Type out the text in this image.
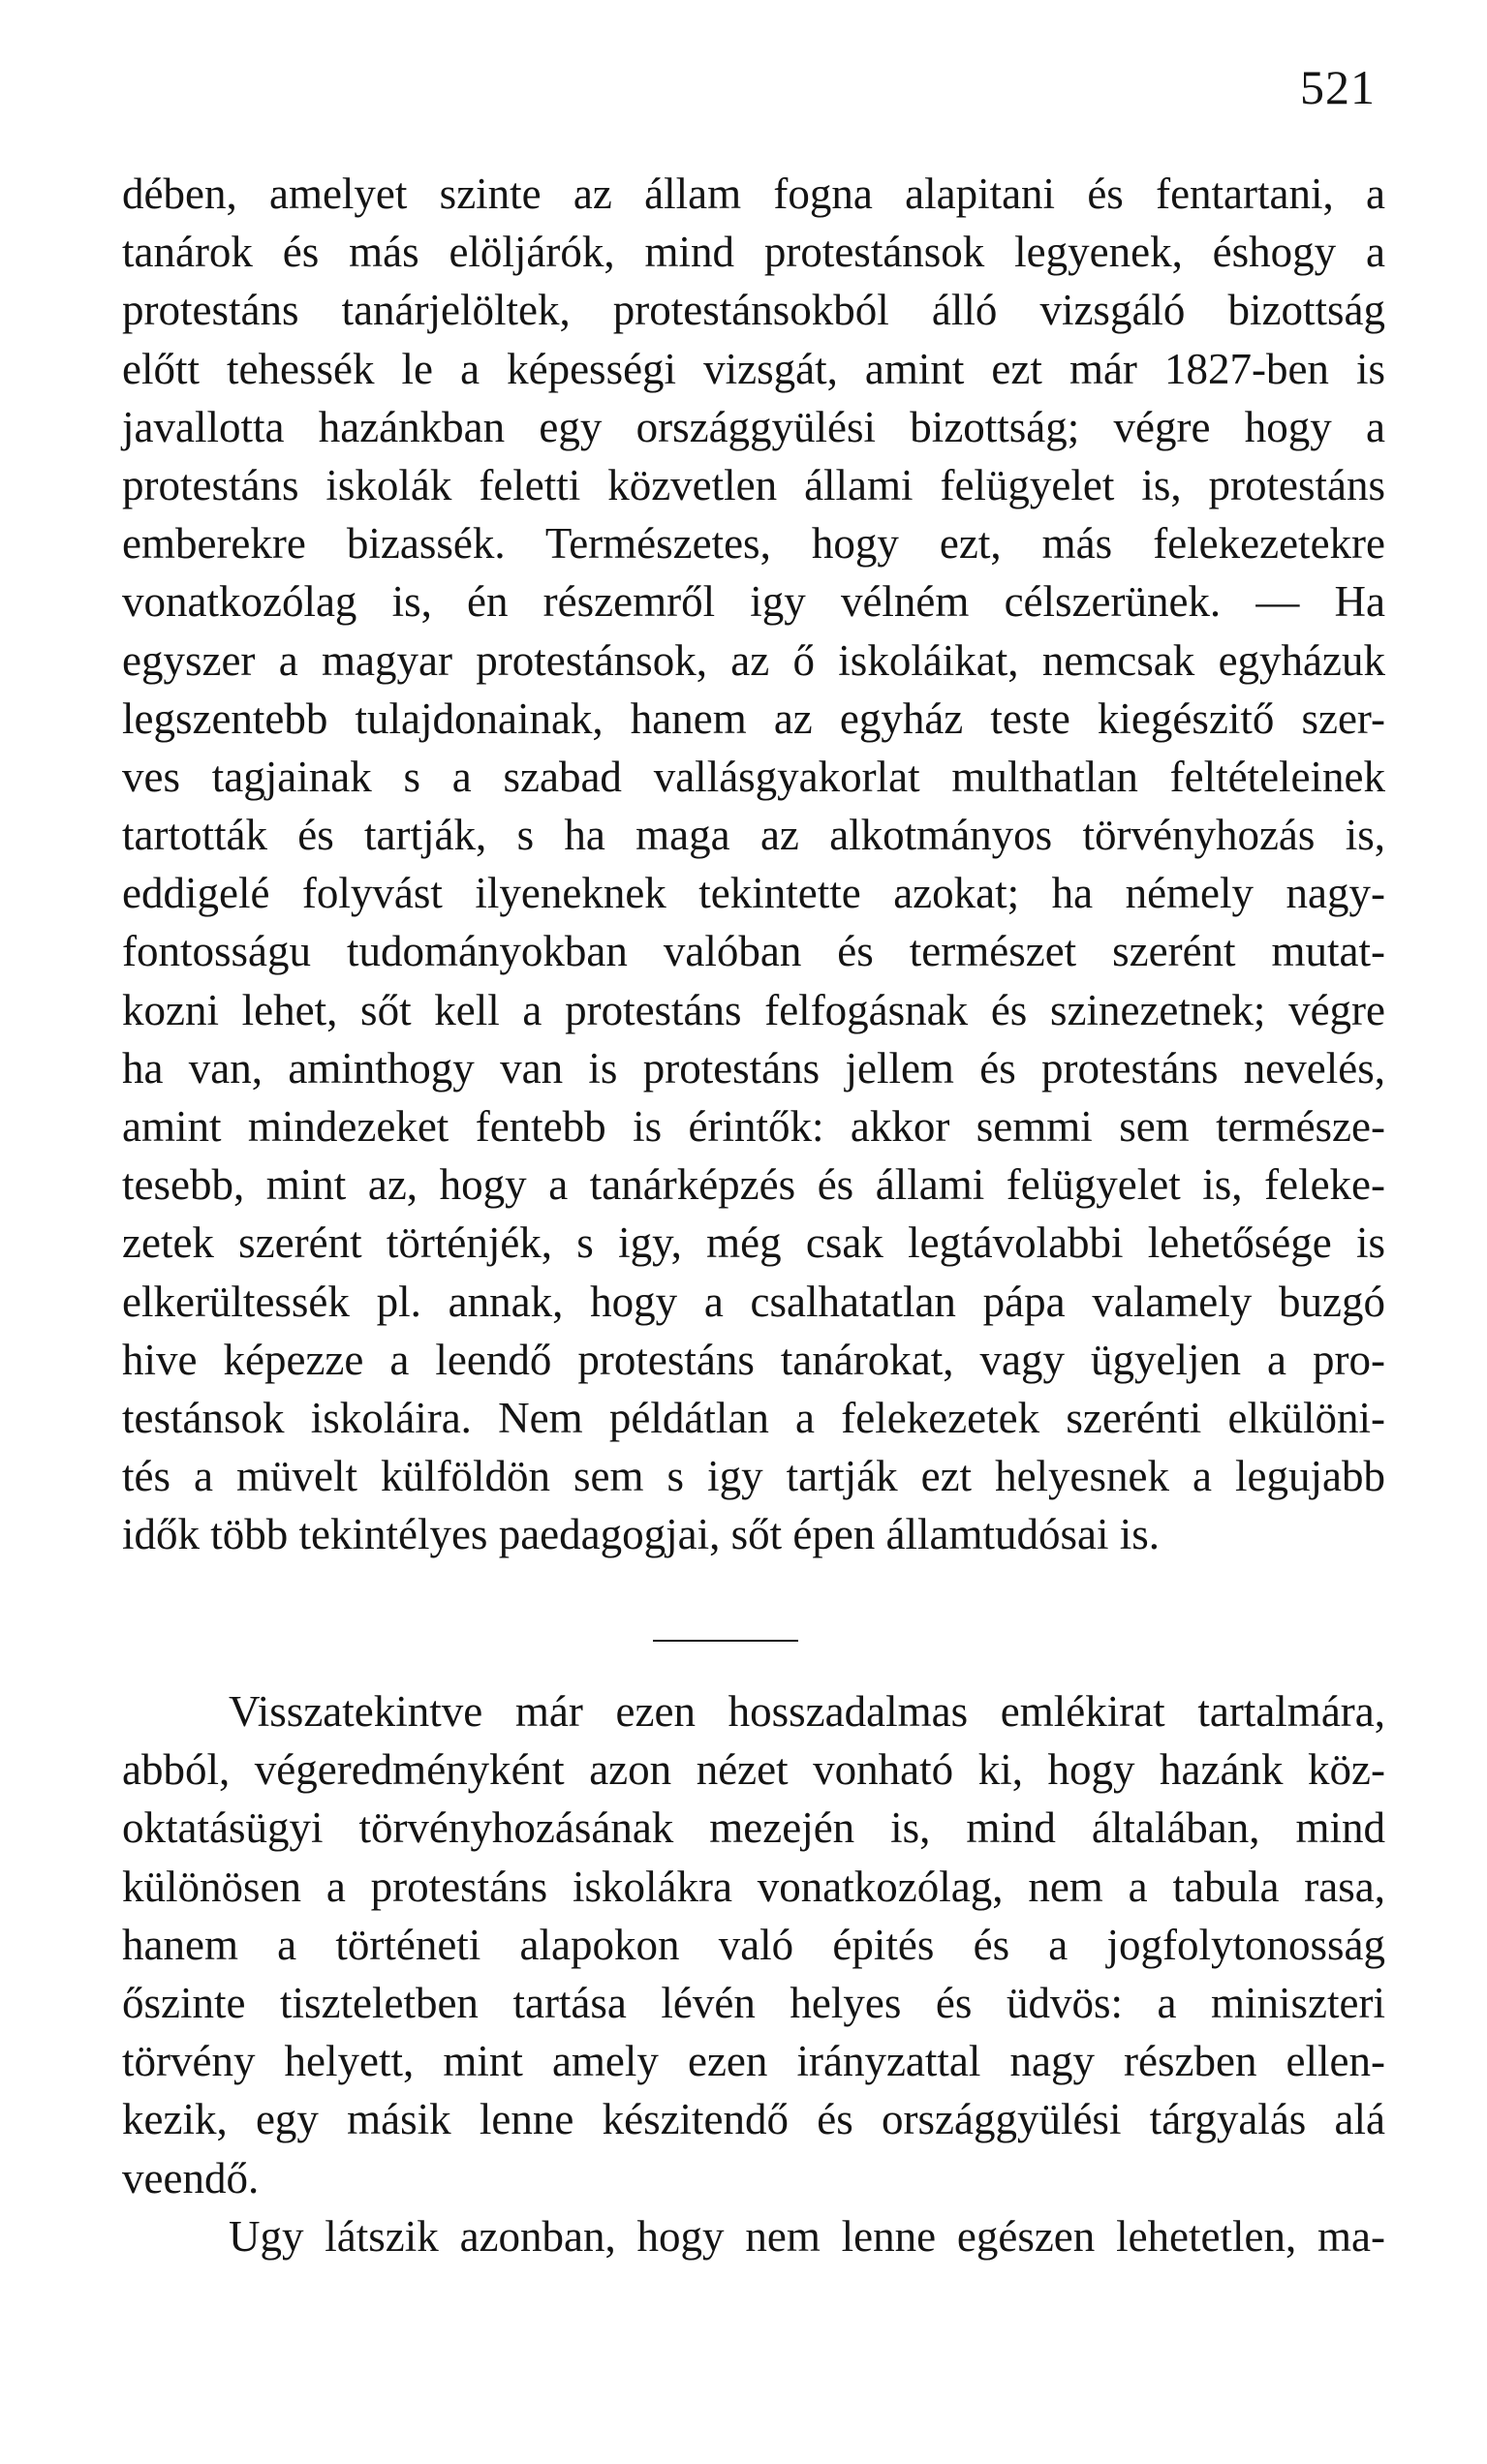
521
dében, amelyet szinte az állam fogna alapitani és fentartani, a
tanárok és más elöljárók, mind protestánsok legyenek, éshogy a
protestáns tanárjelöltek, protestánsokból álló vizsgáló bizottság
előtt tehessék le a képességi vizsgát, amint ezt már 1827-ben is
javallotta hazánkban egy országgyülési bizottság; végre hogy a
protestáns iskolák feletti közvetlen állami felügyelet is, protestáns
emberekre bizassék. Természetes, hogy ezt, más felekezetekre
vonatkozólag is, én részemről igy vélném célszerünek. — Ha
egyszer a magyar protestánsok, az ő iskoláikat, nemcsak egyházuk
legszentebb tulajdonainak, hanem az egyház teste kiegészitő szer-
ves tagjainak s a szabad vallásgyakorlat multhatlan feltételeinek
tartották és tartják, s ha maga az alkotmányos törvényhozás is,
eddigelé folyvást ilyeneknek tekintette azokat; ha némely nagy-
fontosságu tudományokban valóban és természet szerént mutat-
kozni lehet, sőt kell a protestáns felfogásnak és szinezetnek; végre
ha van, aminthogy van is protestáns jellem és protestáns nevelés,
amint mindezeket fentebb is érintők: akkor semmi sem természe-
tesebb, mint az, hogy a tanárképzés és állami felügyelet is, feleke-
zetek szerént történjék, s igy, még csak legtávolabbi lehetősége is
elkerültessék pl. annak, hogy a csalhatatlan pápa valamely buzgó
hive képezze a leendő protestáns tanárokat, vagy ügyeljen a pro-
testánsok iskoláira. Nem példátlan a felekezetek szerénti elkülöni-
tés a müvelt külföldön sem s igy tartják ezt helyesnek a legujabb
idők több tekintélyes paedagogjai, sőt épen államtudósai is.
Visszatekintve már ezen hosszadalmas emlékirat tartalmára,
abból, végeredményként azon nézet vonható ki, hogy hazánk köz-
oktatásügyi törvényhozásának mezején is, mind általában, mind
különösen a protestáns iskolákra vonatkozólag, nem a tabula rasa,
hanem a történeti alapokon való épités és a jogfolytonosság
őszinte tiszteletben tartása lévén helyes és üdvös: a miniszteri
törvény helyett, mint amely ezen irányzattal nagy részben ellen-
kezik, egy másik lenne készitendő és országgyülési tárgyalás alá
veendő.
Ugy látszik azonban, hogy nem lenne egészen lehetetlen, ma-
